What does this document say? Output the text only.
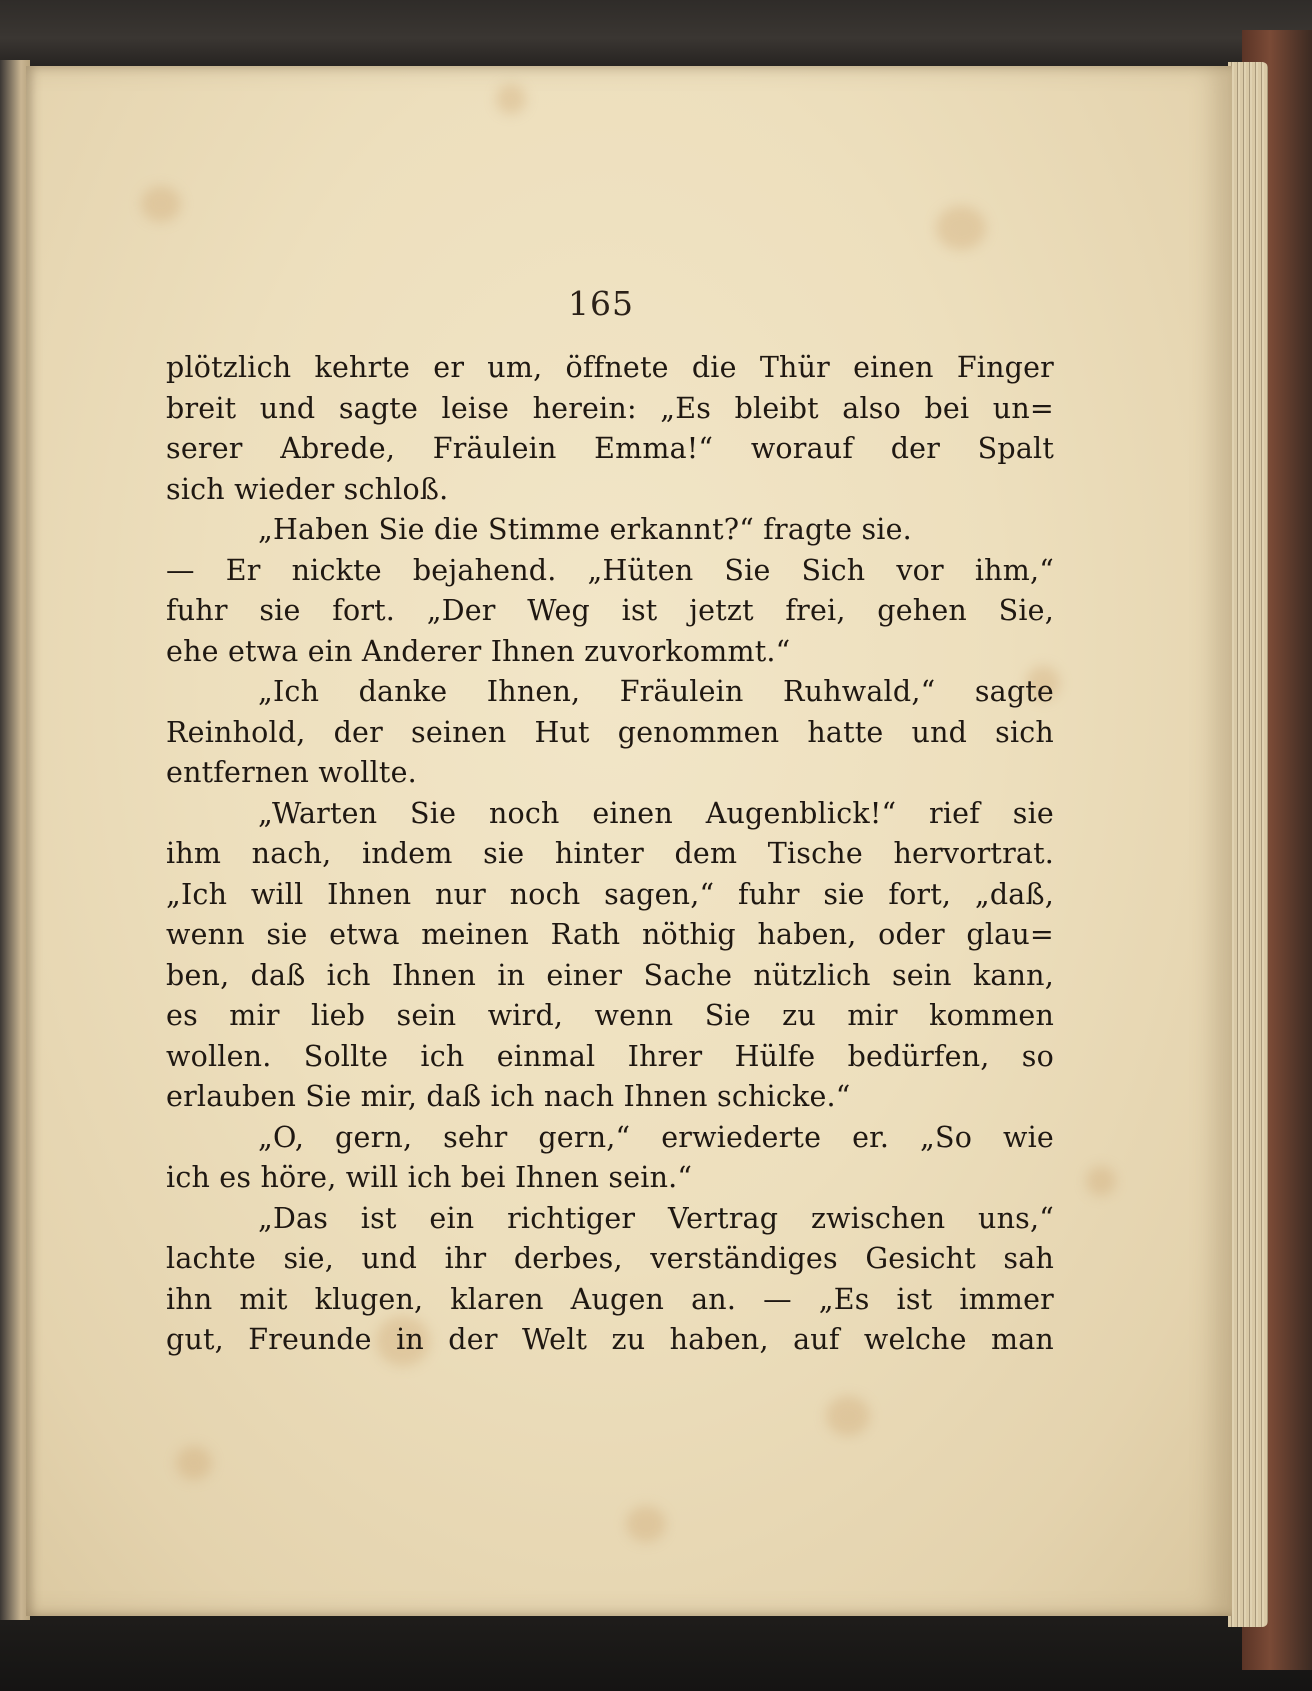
165
plötzlich kehrte er um, öffnete die Thür einen Finger
breit und sagte leise herein: „Es bleibt also bei un=
serer Abrede, Fräulein Emma!“ worauf der Spalt
sich wieder schloß.
„Haben Sie die Stimme erkannt?“ fragte sie.
— Er nickte bejahend. „Hüten Sie Sich vor ihm,“
fuhr sie fort. „Der Weg ist jetzt frei, gehen Sie,
ehe etwa ein Anderer Ihnen zuvorkommt.“
„Ich danke Ihnen, Fräulein Ruhwald,“ sagte
Reinhold, der seinen Hut genommen hatte und sich
entfernen wollte.
„Warten Sie noch einen Augenblick!“ rief sie
ihm nach, indem sie hinter dem Tische hervortrat.
„Ich will Ihnen nur noch sagen,“ fuhr sie fort, „daß,
wenn sie etwa meinen Rath nöthig haben, oder glau=
ben, daß ich Ihnen in einer Sache nützlich sein kann,
es mir lieb sein wird, wenn Sie zu mir kommen
wollen. Sollte ich einmal Ihrer Hülfe bedürfen, so
erlauben Sie mir, daß ich nach Ihnen schicke.“
„O, gern, sehr gern,“ erwiederte er. „So wie
ich es höre, will ich bei Ihnen sein.“
„Das ist ein richtiger Vertrag zwischen uns,“
lachte sie, und ihr derbes, verständiges Gesicht sah
ihn mit klugen, klaren Augen an. — „Es ist immer
gut, Freunde in der Welt zu haben, auf welche man
